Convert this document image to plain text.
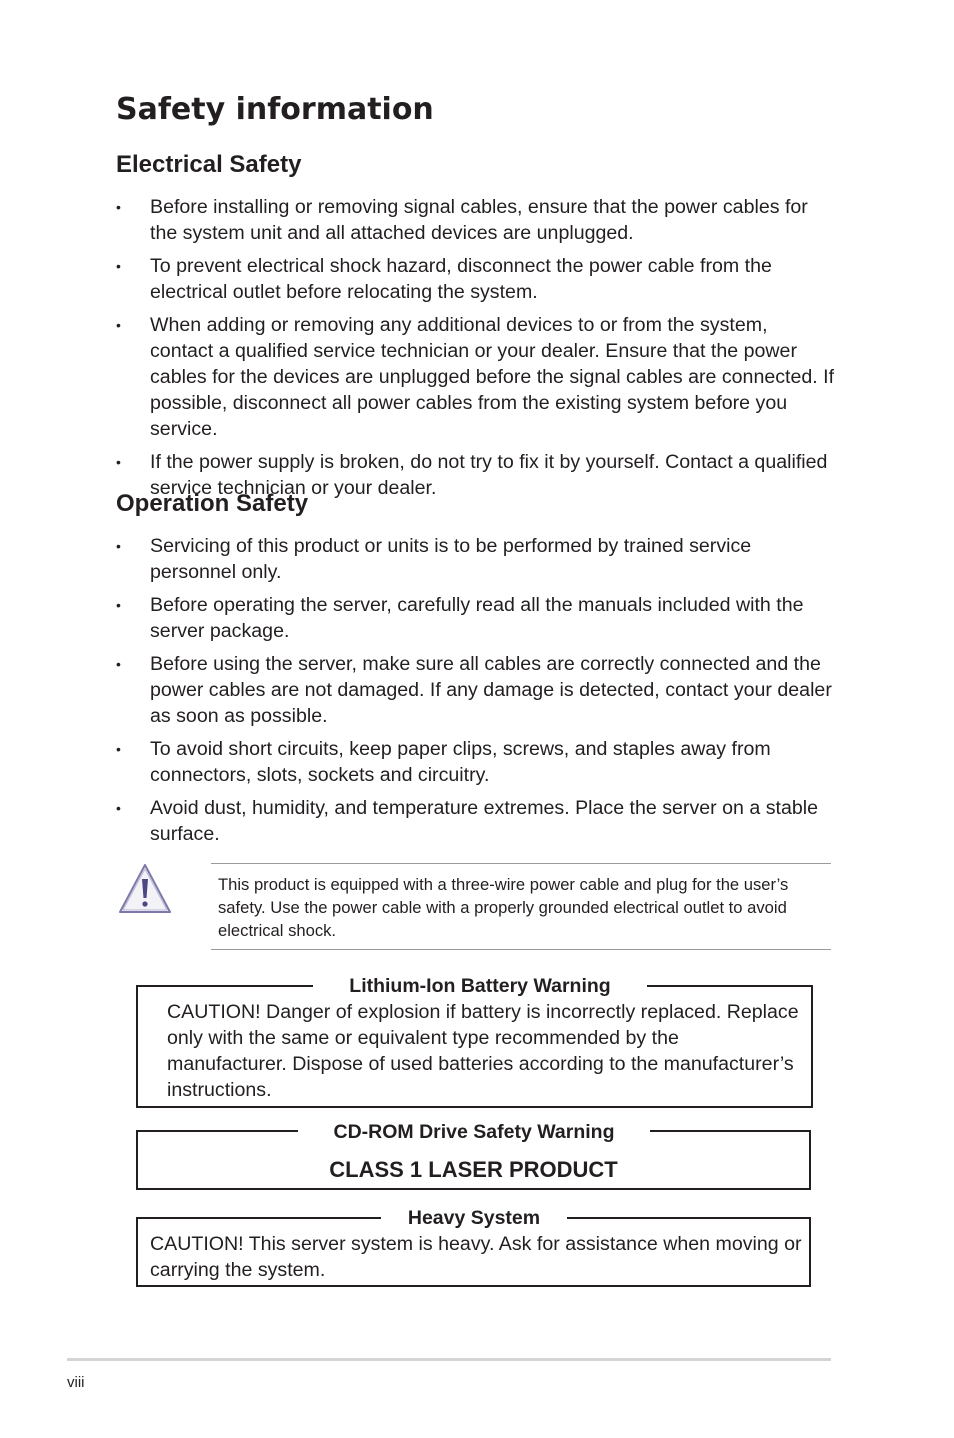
Safety information
Electrical Safety
• Before installing or removing signal cables, ensure that the power cables for the system unit and all attached devices are unplugged.
• To prevent electrical shock hazard, disconnect the power cable from the electrical outlet before relocating the system.
• When adding or removing any additional devices to or from the system, contact a qualified service technician or your dealer. Ensure that the power cables for the devices are unplugged before the signal cables are connected. If possible, disconnect all power cables from the existing system before you service.
• If the power supply is broken, do not try to fix it by yourself. Contact a qualified service technician or your dealer.
Operation Safety
• Servicing of this product or units is to be performed by trained service personnel only.
• Before operating the server, carefully read all the manuals included with the server package.
• Before using the server, make sure all cables are correctly connected and the power cables are not damaged. If any damage is detected, contact your dealer as soon as possible.
• To avoid short circuits, keep paper clips, screws, and staples away from connectors, slots, sockets and circuitry.
• Avoid dust, humidity, and temperature extremes. Place the server on a stable surface.
This product is equipped with a three-wire power cable and plug for the user’s safety. Use the power cable with a properly grounded electrical outlet to avoid electrical shock.
Lithium-Ion Battery Warning
CAUTION! Danger of explosion if battery is incorrectly replaced. Replace only with the same or equivalent type recommended by the manufacturer. Dispose of used batteries according to the manufacturer’s instructions.
CD-ROM Drive Safety Warning
CLASS 1 LASER PRODUCT
Heavy System
CAUTION! This server system is heavy. Ask for assistance when moving or carrying the system.
viii
